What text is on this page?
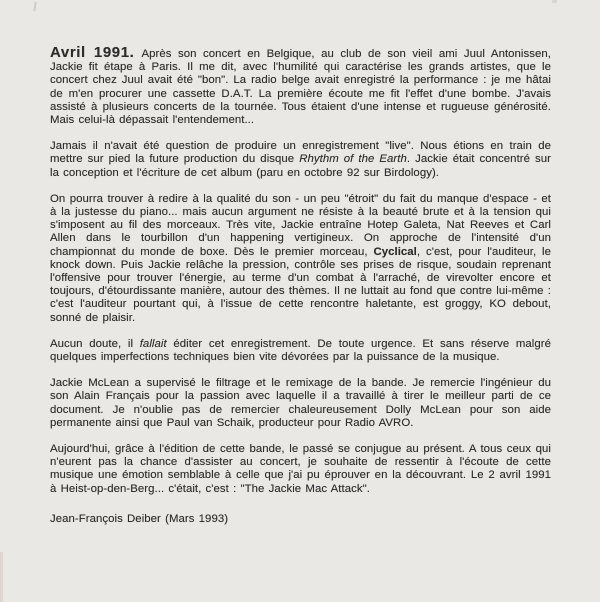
Avril 1991. Après son concert en Belgique, au club de son vieil ami Juul Antonissen, Jackie fit étape à Paris. Il me dit, avec l'humilité qui caractérise les grands artistes, que le concert chez Juul avait été "bon". La radio belge avait enregistré la performance : je me hâtai de m'en procurer une cassette D.A.T. La première écoute me fit l'effet d'une bombe. J'avais assisté à plusieurs concerts de la tournée. Tous étaient d'une intense et rugueuse générosité. Mais celui-là dépassait l'entendement...

Jamais il n'avait été question de produire un enregistrement "live". Nous étions en train de mettre sur pied la future production du disque Rhythm of the Earth. Jackie était concentré sur la conception et l'écriture de cet album (paru en octobre 92 sur Birdology).

On pourra trouver à redire à la qualité du son - un peu "étroit" du fait du manque d'espace - et à la justesse du piano... mais aucun argument ne résiste à la beauté brute et à la tension qui s'imposent au fil des morceaux. Très vite, Jackie entraîne Hotep Galeta, Nat Reeves et Carl Allen dans le tourbillon d'un happening vertigineux. On approche de l'intensité d'un championnat du monde de boxe. Dès le premier morceau, Cyclical, c'est, pour l'auditeur, le knock down. Puis Jackie relâche la pression, contrôle ses prises de risque, soudain reprenant l'offensive pour trouver l'énergie, au terme d'un combat à l'arraché, de virevolter encore et toujours, d'étourdissante manière, autour des thèmes. Il ne luttait au fond que contre lui-même : c'est l'auditeur pourtant qui, à l'issue de cette rencontre haletante, est groggy, KO debout, sonné de plaisir.

Aucun doute, il fallait éditer cet enregistrement. De toute urgence. Et sans réserve malgré quelques imperfections techniques bien vite dévorées par la puissance de la musique.

Jackie McLean a supervisé le filtrage et le remixage de la bande. Je remercie l'ingénieur du son Alain Français pour la passion avec laquelle il a travaillé à tirer le meilleur parti de ce document. Je n'oublie pas de remercier chaleureusement Dolly McLean pour son aide permanente ainsi que Paul van Schaik, producteur pour Radio AVRO.

Aujourd'hui, grâce à l'édition de cette bande, le passé se conjugue au présent. A tous ceux qui n'eurent pas la chance d'assister au concert, je souhaite de ressentir à l'écoute de cette musique une émotion semblable à celle que j'ai pu éprouver en la découvrant. Le 2 avril 1991 à Heist-op-den-Berg... c'était, c'est : "The Jackie Mac Attack".

Jean-François Deiber (Mars 1993)
